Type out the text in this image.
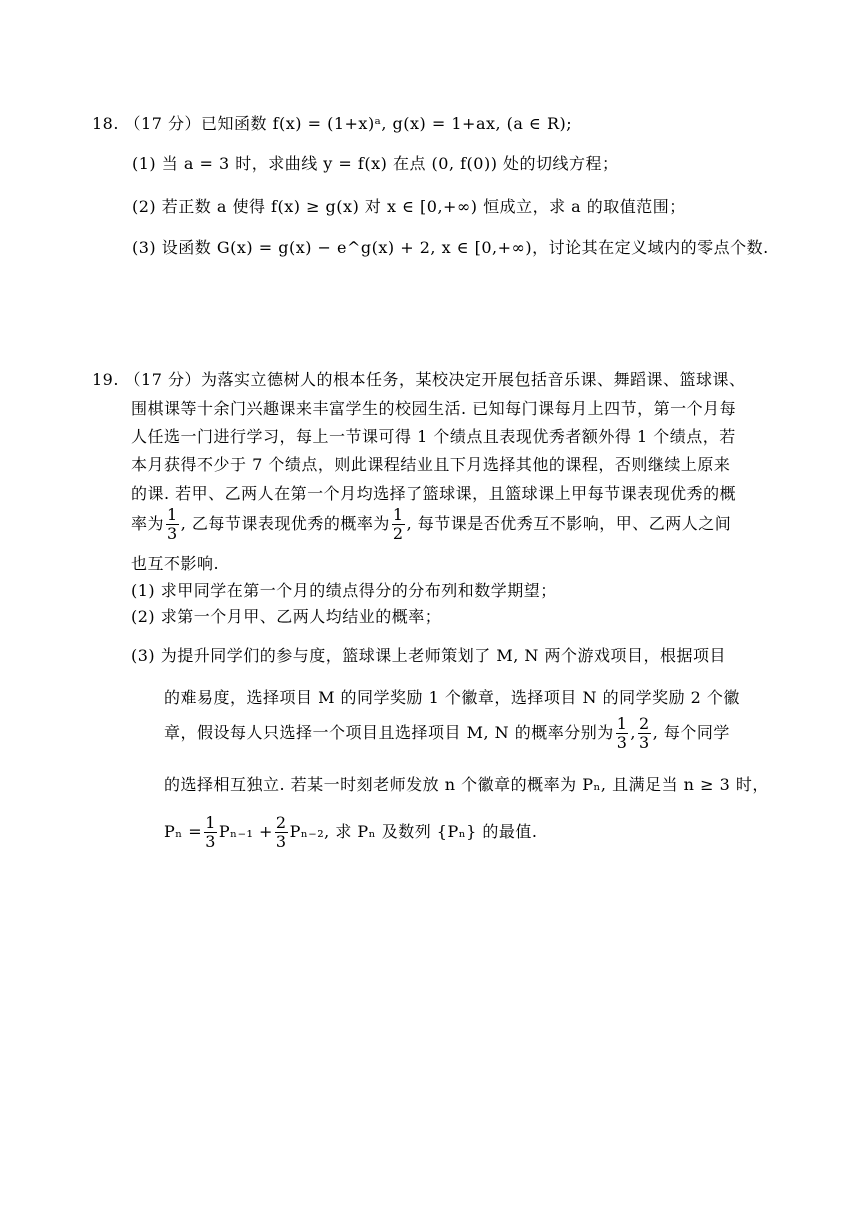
18. （17 分）已知函数 f(x) = (1+x)ᵃ, g(x) = 1+ax, (a ∈ R);
(1) 当 a = 3 时，求曲线 y = f(x) 在点 (0, f(0)) 处的切线方程；
(2) 若正数 a 使得 f(x) ≥ g(x) 对 x ∈ [0,+∞) 恒成立，求 a 的取值范围；
(3) 设函数 G(x) = g(x) − e^g(x) + 2, x ∈ [0,+∞)，讨论其在定义域内的零点个数.
19. （17 分）为落实立德树人的根本任务，某校决定开展包括音乐课、舞蹈课、篮球课、
围棋课等十余门兴趣课来丰富学生的校园生活. 已知每门课每月上四节，第一个月每
人任选一门进行学习，每上一节课可得 1 个绩点且表现优秀者额外得 1 个绩点，若
本月获得不少于 7 个绩点，则此课程结业且下月选择其他的课程，否则继续上原来
的课. 若甲、乙两人在第一个月均选择了篮球课，且篮球课上甲每节课表现优秀的概
率为 $\frac{1}{3}$ , 乙每节课表现优秀的概率为 $\frac{1}{2}$ , 每节课是否优秀互不影响，甲、乙两人之间
也互不影响.
(1) 求甲同学在第一个月的绩点得分的分布列和数学期望；
(2) 求第一个月甲、乙两人均结业的概率；
(3) 为提升同学们的参与度，篮球课上老师策划了 M, N 两个游戏项目，根据项目
的难易度，选择项目 M 的同学奖励 1 个徽章，选择项目 N 的同学奖励 2 个徽
章，假设每人只选择一个项目且选择项目 M, N 的概率分别为 $\frac{1}{3}$ , $\frac{2}{3}$ , 每个同学
的选择相互独立. 若某一时刻老师发放 n 个徽章的概率为 Pₙ, 且满足当 n ≥ 3 时，
$P_n = \frac{1}{3} P_{n-1} + \frac{2}{3} P_{n-2}$, 求 Pₙ 及数列 {Pₙ} 的最值.
